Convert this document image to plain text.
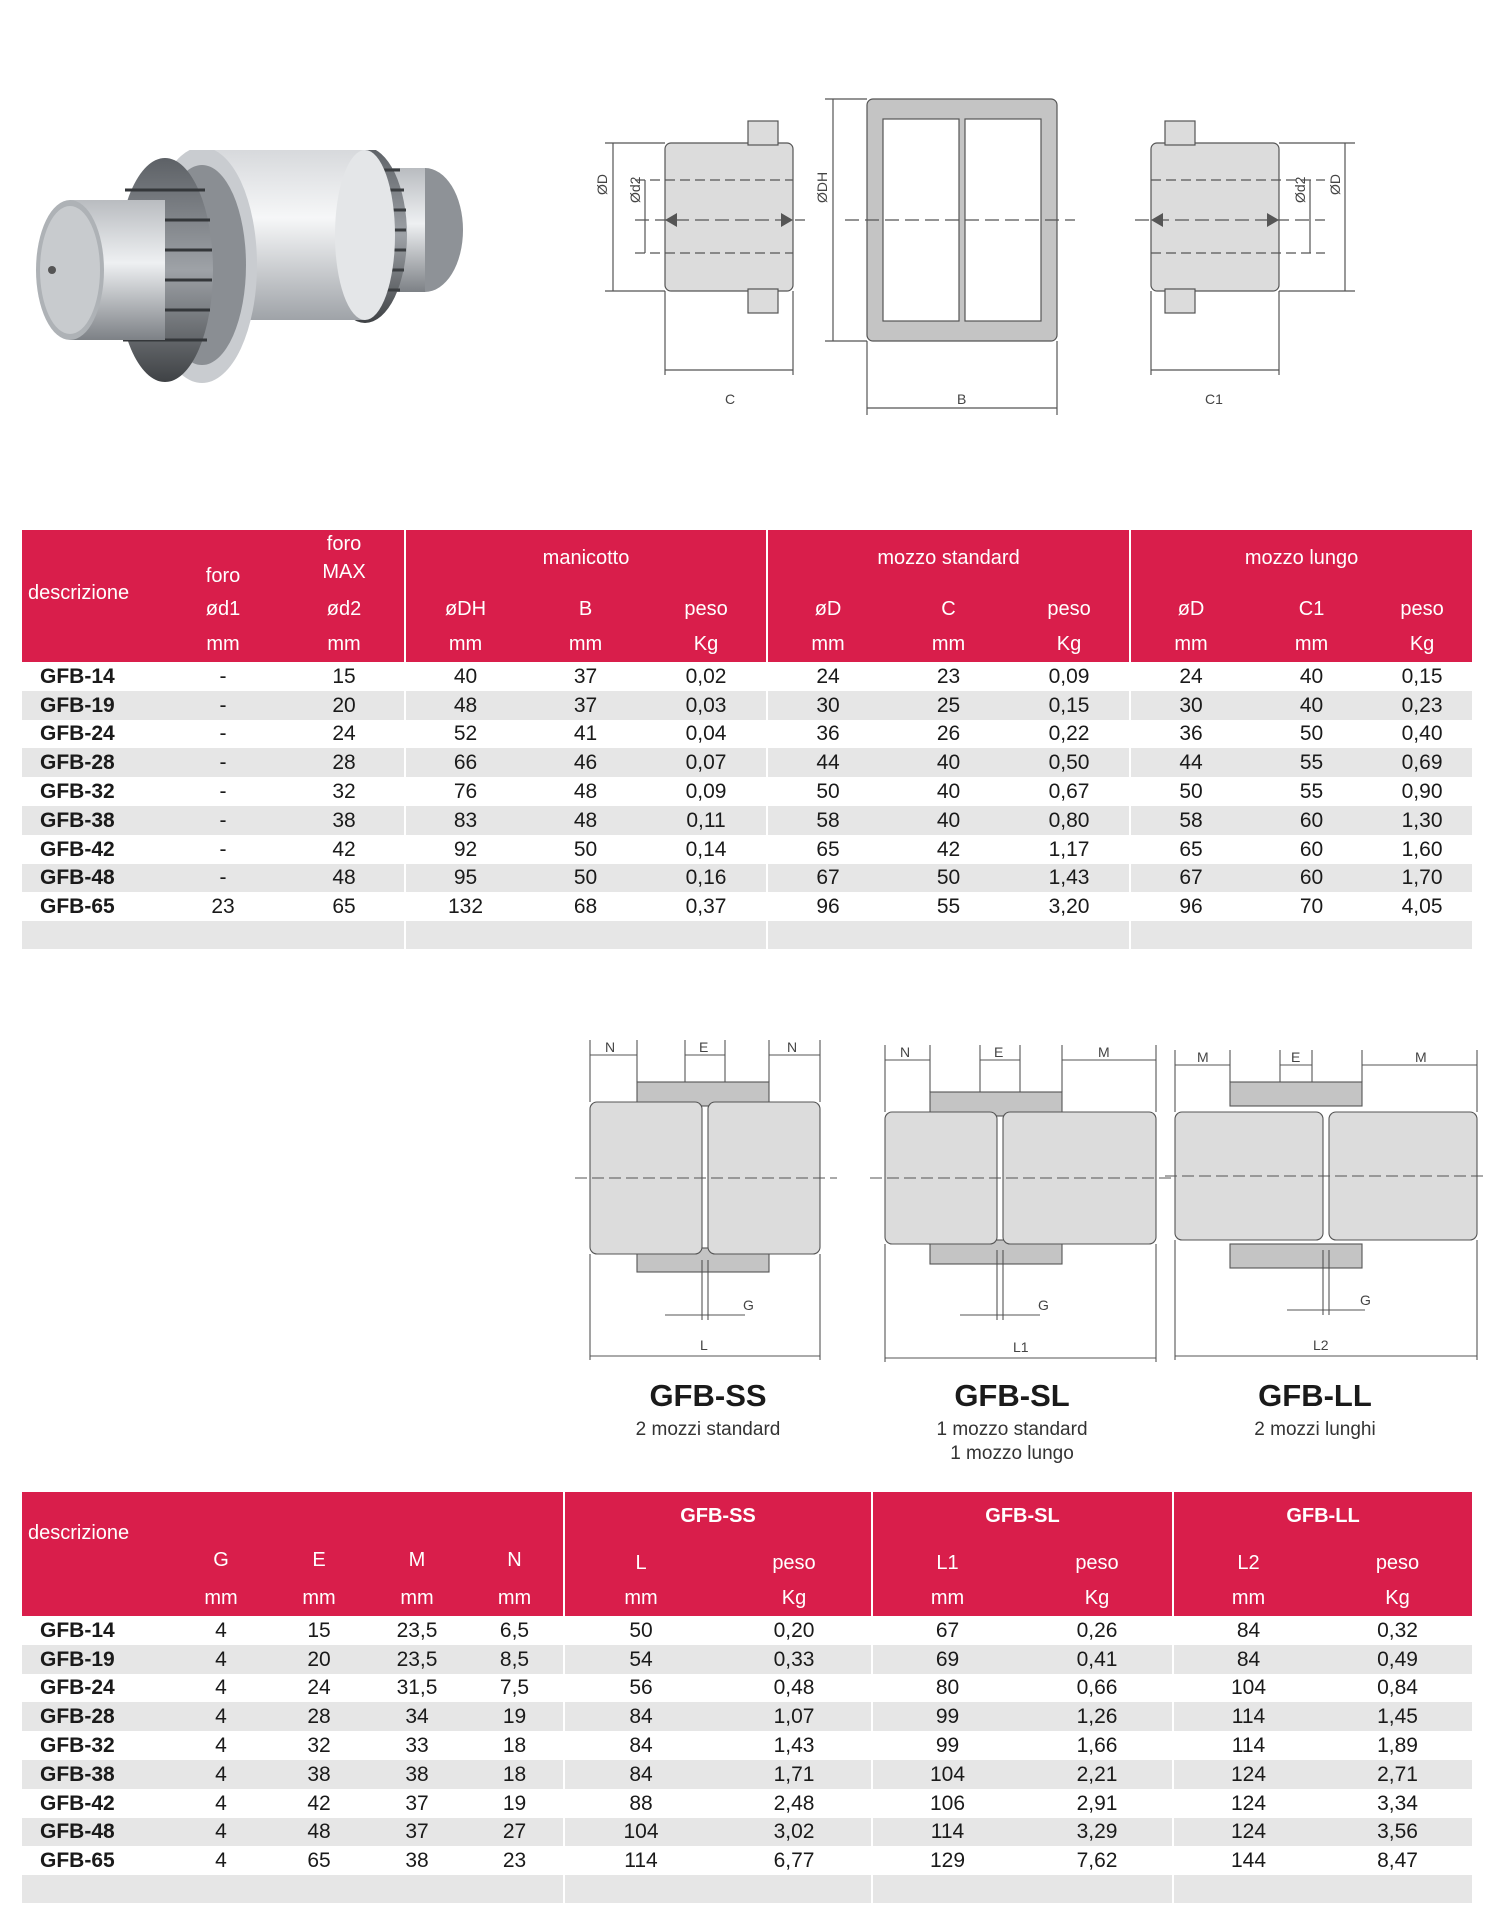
ØD Ød2	ØDH	Ød2 ØD
C	B	C1
descrizione	foro	foro
MAX	manicotto			mozzo standard			mozzo lungo		
	ød1	ød2	øDH	B	peso	øD	C	peso	øD	C1	peso
	mm	mm	mm	mm	Kg	mm	mm	Kg	mm	mm	Kg
GFB-14	-	15	40	37	0,02	24	23	0,09	24	40	0,15
GFB-19	-	20	48	37	0,03	30	25	0,15	30	40	0,23
GFB-24	-	24	52	41	0,04	36	26	0,22	36	50	0,40
GFB-28	-	28	66	46	0,07	44	40	0,50	44	55	0,69
GFB-32	-	32	76	48	0,09	50	40	0,67	50	55	0,90
GFB-38	-	38	83	48	0,11	58	40	0,80	58	60	1,30
GFB-42	-	42	92	50	0,14	65	42	1,17	65	60	1,60
GFB-48	-	48	95	50	0,16	67	50	1,43	67	60	1,70
GFB-65	23	65	132	68	0,37	96	55	3,20	96	70	4,05

N	E	N
G
L
N	E	M
G
L1
M	E	M
G
L2
GFB-SS
2 mozzi standard
GFB-SL
1 mozzo standard
1 mozzo lungo
GFB-LL
2 mozzi lunghi
descrizione	G	E	M	N	GFB-SS		GFB-SL		GFB-LL	
					L	peso	L1	peso	L2	peso
	mm	mm	mm	mm	mm	Kg	mm	Kg	mm	Kg
GFB-14	4	15	23,5	6,5	50	0,20	67	0,26	84	0,32
GFB-19	4	20	23,5	8,5	54	0,33	69	0,41	84	0,49
GFB-24	4	24	31,5	7,5	56	0,48	80	0,66	104	0,84
GFB-28	4	28	34	19	84	1,07	99	1,26	114	1,45
GFB-32	4	32	33	18	84	1,43	99	1,66	114	1,89
GFB-38	4	38	38	18	84	1,71	104	2,21	124	2,71
GFB-42	4	42	37	19	88	2,48	106	2,91	124	3,34
GFB-48	4	48	37	27	104	3,02	114	3,29	124	3,56
GFB-65	4	65	38	23	114	6,77	129	7,62	144	8,47
